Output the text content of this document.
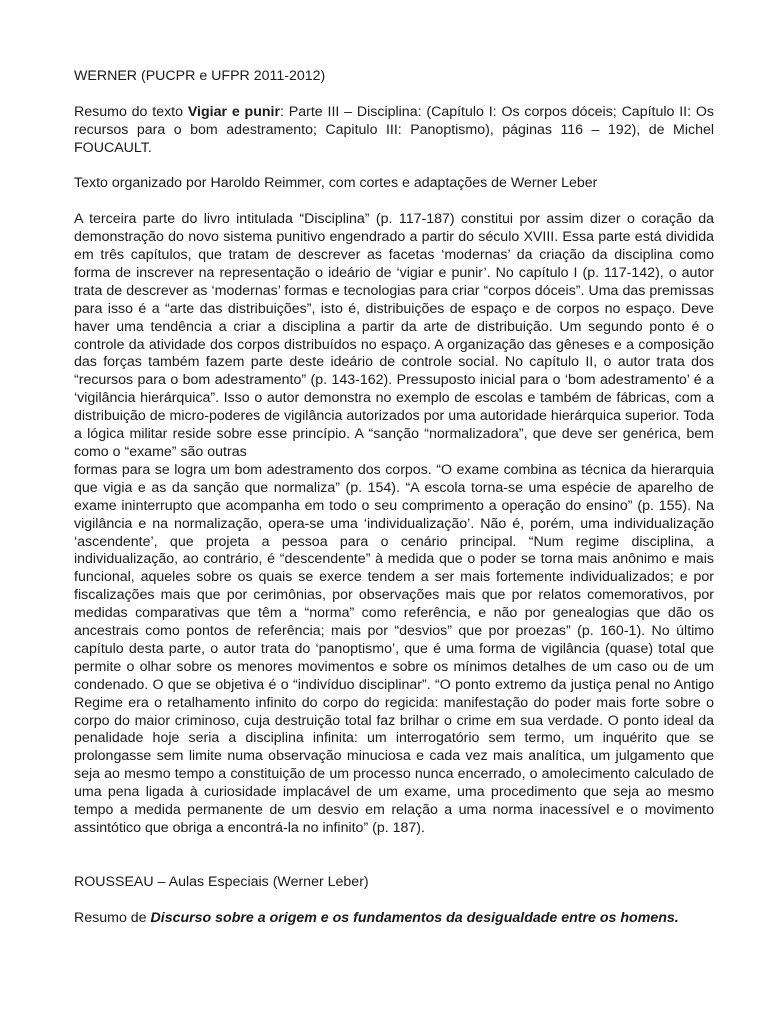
WERNER (PUCPR e UFPR 2011-2012)

Resumo do texto Vigiar e punir: Parte III – Disciplina: (Capítulo I: Os corpos dóceis; Capítulo II: Os recursos para o bom adestramento; Capitulo III: Panoptismo), páginas 116 – 192), de Michel FOUCAULT.

Texto organizado por Haroldo Reimmer, com cortes e adaptações de Werner Leber

A terceira parte do livro intitulada “Disciplina” (p. 117-187) constitui por assim dizer o coração da demonstração do novo sistema punitivo engendrado a partir do século XVIII. Essa parte está dividida em três capítulos, que tratam de descrever as facetas ‘modernas’ da criação da disciplina como forma de inscrever na representação o ideário de ‘vigiar e punir’. No capítulo I (p. 117-142), o autor trata de descrever as ‘modernas’ formas e tecnologias para criar “corpos dóceis”. Uma das premissas para isso é a “arte das distribuições”, isto é, distribuições de espaço e de corpos no espaço. Deve haver uma tendência a criar a disciplina a partir da arte de distribuição. Um segundo ponto é o controle da atividade dos corpos distribuídos no espaço. A organização das gêneses e a composição das forças também fazem parte deste ideário de controle social. No capítulo II, o autor trata dos “recursos para o bom adestramento” (p. 143-162). Pressuposto inicial para o ‘bom adestramento’ é a ‘vigilância hierárquica”. Isso o autor demonstra no exemplo de escolas e também de fábricas, com a distribuição de micro-poderes de vigilância autorizados por uma autoridade hierárquica superior. Toda a lógica militar reside sobre esse princípio. A “sanção “normalizadora”, que deve ser genérica, bem como o “exame” são outras

formas para se logra um bom adestramento dos corpos. “O exame combina as técnica da hierarquia que vigia e as da sanção que normaliza” (p. 154). “A escola torna-se uma espécie de aparelho de exame ininterrupto que acompanha em todo o seu comprimento a operação do ensino” (p. 155). Na vigilância e na normalização, opera-se uma ‘individualização’. Não é, porém, uma individualização ‘ascendente’, que projeta a pessoa para o cenário principal. “Num regime disciplina, a individualização, ao contrário, é “descendente” à medida que o poder se torna mais anônimo e mais funcional, aqueles sobre os quais se exerce tendem a ser mais fortemente individualizados; e por fiscalizações mais que por cerimônias, por observações mais que por relatos comemorativos, por medidas comparativas que têm a “norma” como referência, e não por genealogias que dão os ancestrais como pontos de referência; mais por “desvios” que por proezas” (p. 160-1). No último capítulo desta parte, o autor trata do ‘panoptismo’, que é uma forma de vigilância (quase) total que permite o olhar sobre os menores movimentos e sobre os mínimos detalhes de um caso ou de um condenado. O que se objetiva é o “indivíduo disciplinar”. “O ponto extremo da justiça penal no Antigo Regime era o retalhamento infinito do corpo do regicida: manifestação do poder mais forte sobre o corpo do maior criminoso, cuja destruição total faz brilhar o crime em sua verdade. O ponto ideal da penalidade hoje seria a disciplina infinita: um interrogatório sem termo, um inquérito que se prolongasse sem limite numa observação minuciosa e cada vez mais analítica, um julgamento que seja ao mesmo tempo a constituição de um processo nunca encerrado, o amolecimento calculado de uma pena ligada à curiosidade implacável de um exame, uma procedimento que seja ao mesmo tempo a medida permanente de um desvio em relação a uma norma inacessível e o movimento assintótico que obriga a encontrá-la no infinito” (p. 187).

ROUSSEAU – Aulas Especiais (Werner Leber)

Resumo de Discurso sobre a origem e os fundamentos da desigualdade entre os homens.
